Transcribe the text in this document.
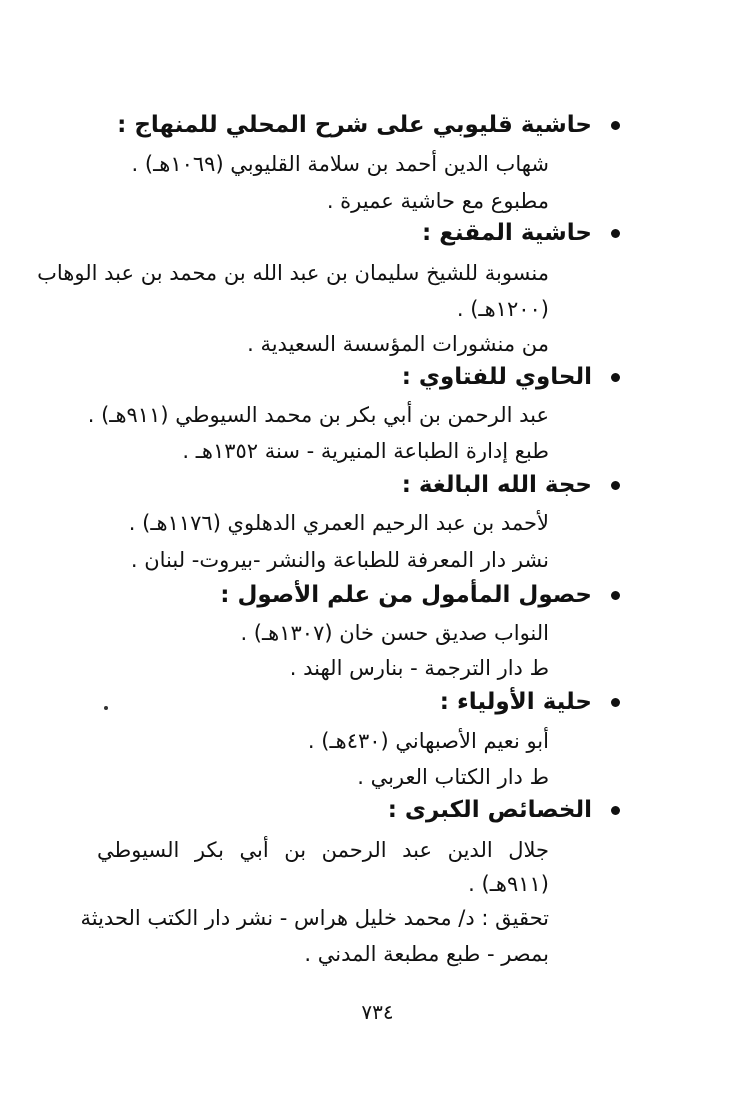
حاشية قليوبي على شرح المحلي للمنهاج :
شهاب الدين أحمد بن سلامة القليوبي (١٠٦٩هـ) .
مطبوع مع حاشية عميرة .
حاشية المقنع :
منسوبة للشيخ سليمان بن عبد الله بن محمد بن عبد الوهاب
(١٢٠٠هـ) .
من منشورات المؤسسة السعيدية .
الحاوي للفتاوي :
عبد الرحمن بن أبي بكر بن محمد السيوطي (٩١١هـ) .
طبع إدارة الطباعة المنيرية - سنة ١٣٥٢هـ .
حجة الله البالغة :
لأحمد بن عبد الرحيم العمري الدهلوي (١١٧٦هـ) .
نشر دار المعرفة للطباعة والنشر -بيروت- لبنان .
حصول المأمول من علم الأصول :
النواب صديق حسن خان (١٣٠٧هـ) .
ط دار الترجمة - بنارس الهند .
حلية الأولياء :
أبو نعيم الأصبهاني (٤٣٠هـ) .
ط دار الكتاب العربي .
الخصائص الكبرى :
جلال الدين عبد الرحمن بن أبي بكر السيوطي
(٩١١هـ) .
تحقيق : د/ محمد خليل هراس - نشر دار الكتب الحديثة
بمصر - طبع مطبعة المدني .
٧٣٤
